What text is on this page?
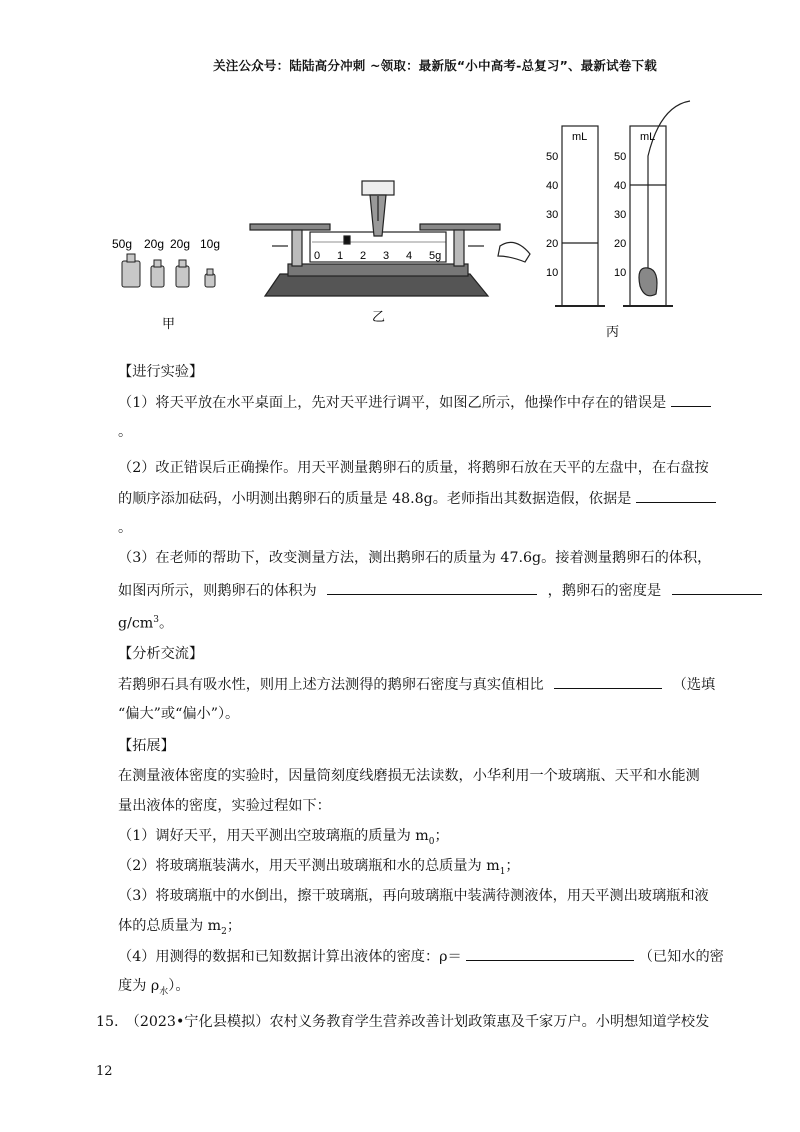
关注公众号：陆陆高分冲刺 ~领取：最新版“小中高考-总复习”、最新试卷下载
50g 20g 20g 10g
甲
0 1 2 3 4 5g
乙
mL	mL
50
40
30
20
10
50
40
30
20
10
丙
【进行实验】
（1）将天平放在水平桌面上，先对天平进行调平，如图乙所示，他操作中存在的错误是
。
（2）改正错误后正确操作。用天平测量鹅卵石的质量，将鹅卵石放在天平的左盘中，在右盘按
的顺序添加砝码，小明测出鹅卵石的质量是 48.8g。老师指出其数据造假，依据是
。
（3）在老师的帮助下，改变测量方法，测出鹅卵石的质量为 47.6g。接着测量鹅卵石的体积，
如图丙所示，则鹅卵石的体积为	，鹅卵石的密度是
$g/cm^3$。
【分析交流】
若鹅卵石具有吸水性，则用上述方法测得的鹅卵石密度与真实值相比	（选填
“偏大”或“偏小”）。
【拓展】
在测量液体密度的实验时，因量筒刻度线磨损无法读数，小华利用一个玻璃瓶、天平和水能测
量出液体的密度，实验过程如下：
（1）调好天平，用天平测出空玻璃瓶的质量为 $m_0$；
（2）将玻璃瓶装满水，用天平测出玻璃瓶和水的总质量为 $m_1$；
（3）将玻璃瓶中的水倒出，擦干玻璃瓶，再向玻璃瓶中装满待测液体，用天平测出玻璃瓶和液
体的总质量为 $m_2$；
（4）用测得的数据和已知数据计算出液体的密度：ρ＝	（已知水的密
度为 $\rho_水$）。
15.　（2023•宁化县模拟）农村义务教育学生营养改善计划政策惠及千家万户。小明想知道学校发
12
